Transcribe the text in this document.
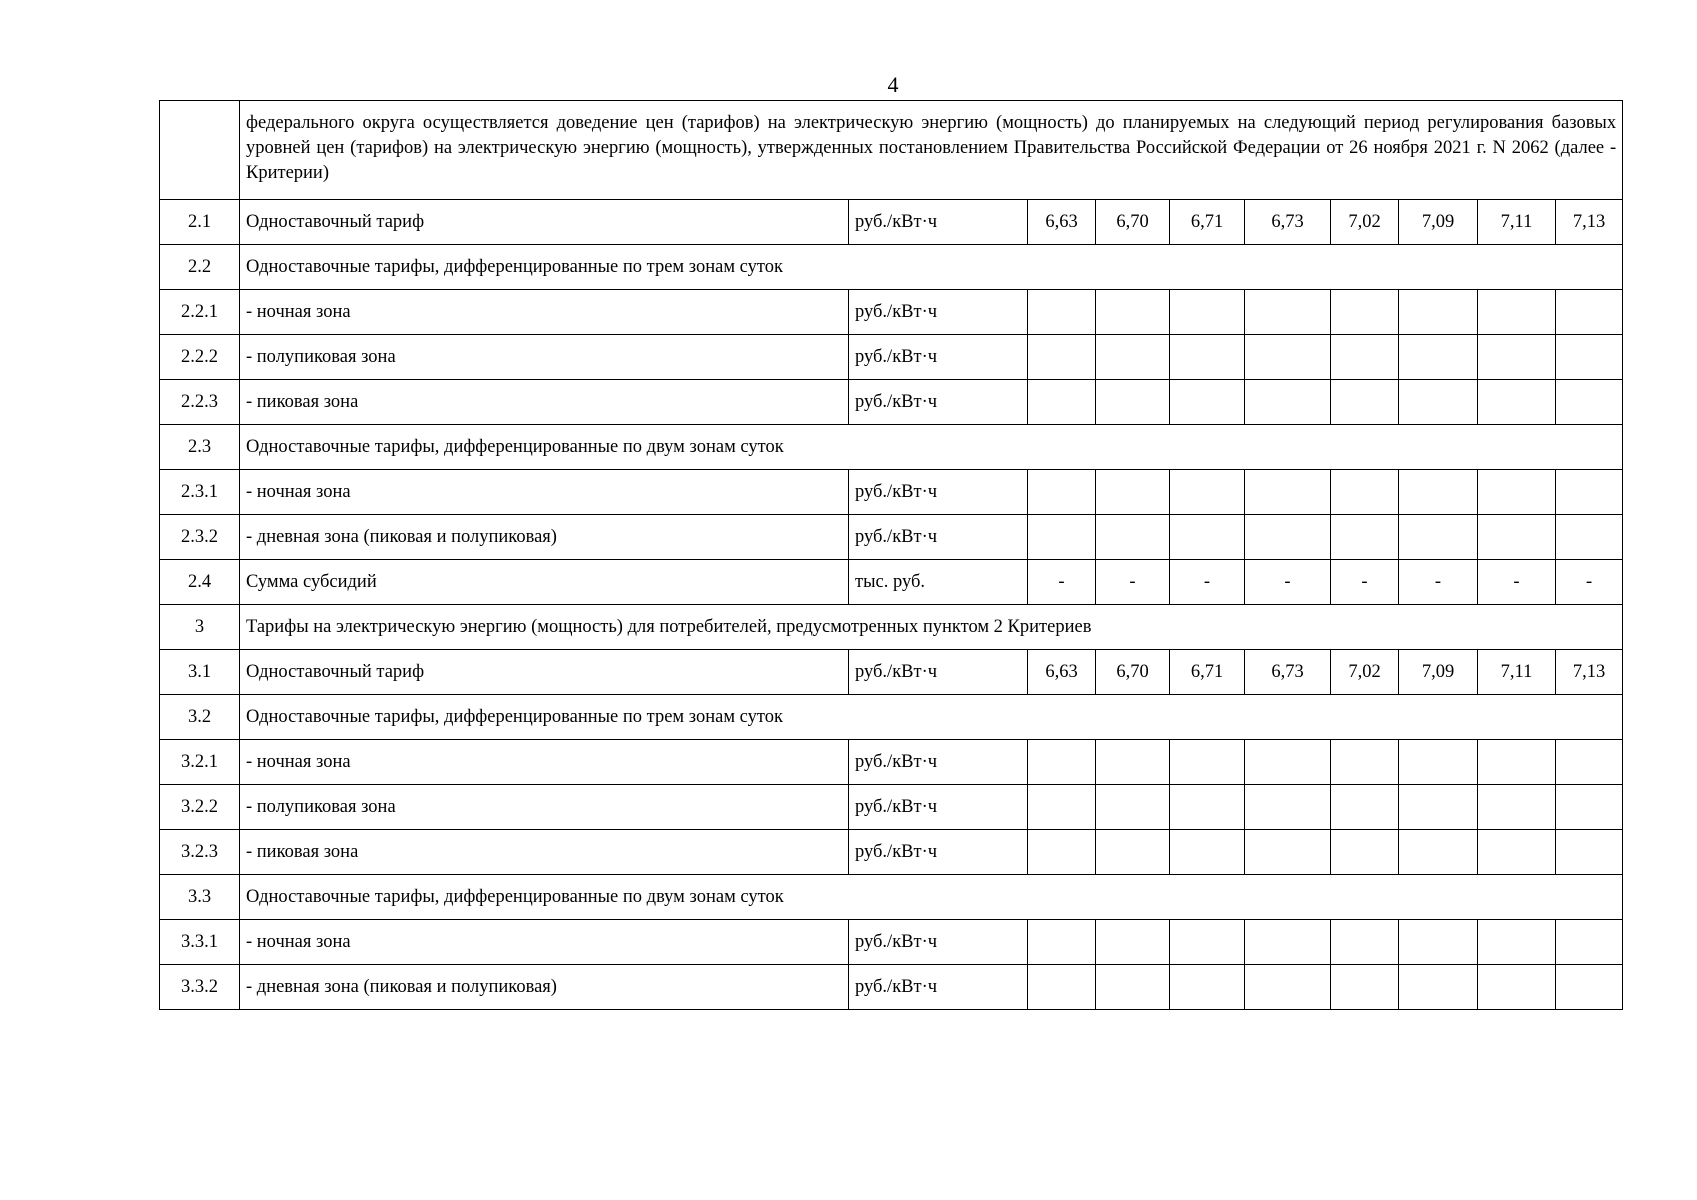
4
	федерального округа осуществляется доведение цен (тарифов) на электрическую энергию (мощность) до планируемых на следующий период регулирования базовых уровней цен (тарифов) на электрическую энергию (мощность), утвержденных постановлением Правительства Российской Федерации от 26 ноября 2021 г. N 2062 (далее - Критерии)									
2.1	Одноставочный тариф	руб./кВт·ч	6,63	6,70	6,71	6,73	7,02	7,09	7,11	7,13
2.2	Одноставочные тарифы, дифференцированные по трем зонам суток									
2.2.1	- ночная зона	руб./кВт·ч								
2.2.2	- полупиковая зона	руб./кВт·ч								
2.2.3	- пиковая зона	руб./кВт·ч								
2.3	Одноставочные тарифы, дифференцированные по двум зонам суток									
2.3.1	- ночная зона	руб./кВт·ч								
2.3.2	- дневная зона (пиковая и полупиковая)	руб./кВт·ч								
2.4	Сумма субсидий	тыс. руб.	-	-	-	-	-	-	-	-
3	Тарифы на электрическую энергию (мощность) для потребителей, предусмотренных пунктом 2 Критериев									
3.1	Одноставочный тариф	руб./кВт·ч	6,63	6,70	6,71	6,73	7,02	7,09	7,11	7,13
3.2	Одноставочные тарифы, дифференцированные по трем зонам суток									
3.2.1	- ночная зона	руб./кВт·ч								
3.2.2	- полупиковая зона	руб./кВт·ч								
3.2.3	- пиковая зона	руб./кВт·ч								
3.3	Одноставочные тарифы, дифференцированные по двум зонам суток									
3.3.1	- ночная зона	руб./кВт·ч								
3.3.2	- дневная зона (пиковая и полупиковая)	руб./кВт·ч								
